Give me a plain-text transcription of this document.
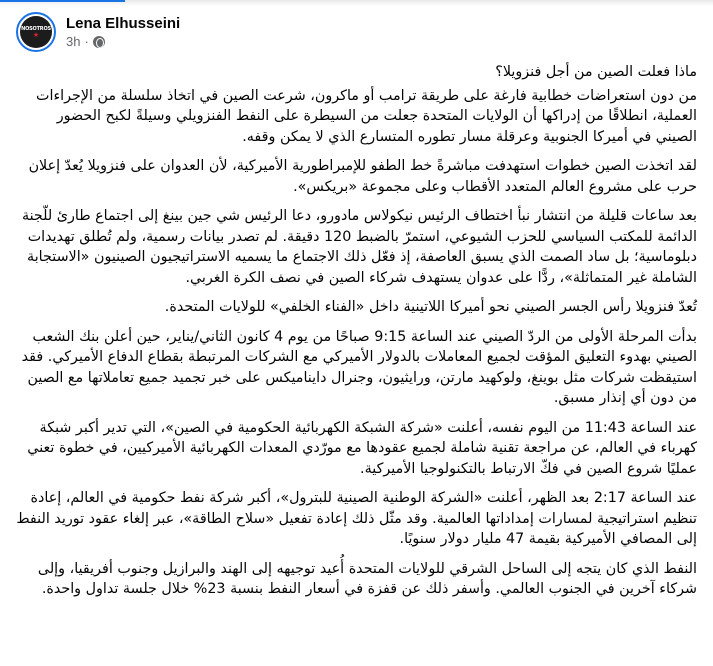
NOSOTROS
★
Lena Elhusseini
3h ·

ماذا فعلت الصين من أجل فنزويلا؟

من دون استعراضات خطابية فارغة على طريقة ترامب أو ماكرون، شرعت الصين في اتخاذ سلسلة من الإجراءات العملية، انطلاقًا من إدراكها أن الولايات المتحدة جعلت من السيطرة على النفط الفنزويلي وسيلةً لكبح الحضور الصيني في أميركا الجنوبية وعرقلة مسار تطوره المتسارع الذي لا يمكن وقفه.

لقد اتخذت الصين خطوات استهدفت مباشرةً خط الطفو للإمبراطورية الأميركية، لأن العدوان على فنزويلا يُعدّ إعلان حرب على مشروع العالم المتعدد الأقطاب وعلى مجموعة «بريكس».

بعد ساعات قليلة من انتشار نبأ اختطاف الرئيس نيكولاس مادورو، دعا الرئيس شي جين بينغ إلى اجتماع طارئ للّجنة الدائمة للمكتب السياسي للحزب الشيوعي، استمرّ بالضبط 120 دقيقة. لم تصدر بيانات رسمية، ولم تُطلق تهديدات دبلوماسية؛ بل ساد الصمت الذي يسبق العاصفة، إذ فعّل ذلك الاجتماع ما يسميه الاستراتيجيون الصينيون «الاستجابة الشاملة غير المتماثلة»، ردًّا على عدوان يستهدف شركاء الصين في نصف الكرة الغربي.

تُعدّ فنزويلا رأس الجسر الصيني نحو أميركا اللاتينية داخل «الفناء الخلفي» للولايات المتحدة.

بدأت المرحلة الأولى من الردّ الصيني عند الساعة 9:15 صباحًا من يوم 4 كانون الثاني/يناير، حين أعلن بنك الشعب الصيني بهدوء التعليق المؤقت لجميع المعاملات بالدولار الأميركي مع الشركات المرتبطة بقطاع الدفاع الأميركي. فقد استيقظت شركات مثل بوينغ، ولوكهيد مارتن، ورايثيون، وجنرال دايناميكس على خبر تجميد جميع تعاملاتها مع الصين من دون أي إنذار مسبق.

عند الساعة 11:43 من اليوم نفسه، أعلنت «شركة الشبكة الكهربائية الحكومية في الصين»، التي تدير أكبر شبكة كهرباء في العالم، عن مراجعة تقنية شاملة لجميع عقودها مع مورّدي المعدات الكهربائية الأميركيين، في خطوة تعني عمليًا شروع الصين في فكّ الارتباط بالتكنولوجيا الأميركية.

عند الساعة 2:17 بعد الظهر، أعلنت «الشركة الوطنية الصينية للبترول»، أكبر شركة نفط حكومية في العالم، إعادة تنظيم استراتيجية لمسارات إمداداتها العالمية. وقد مثّل ذلك إعادة تفعيل «سلاح الطاقة»، عبر إلغاء عقود توريد النفط إلى المصافي الأميركية بقيمة 47 مليار دولار سنويًا.

النفط الذي كان يتجه إلى الساحل الشرقي للولايات المتحدة أُعيد توجيهه إلى الهند والبرازيل وجنوب أفريقيا، وإلى شركاء آخرين في الجنوب العالمي. وأسفر ذلك عن قفزة في أسعار النفط بنسبة 23% خلال جلسة تداول واحدة.
